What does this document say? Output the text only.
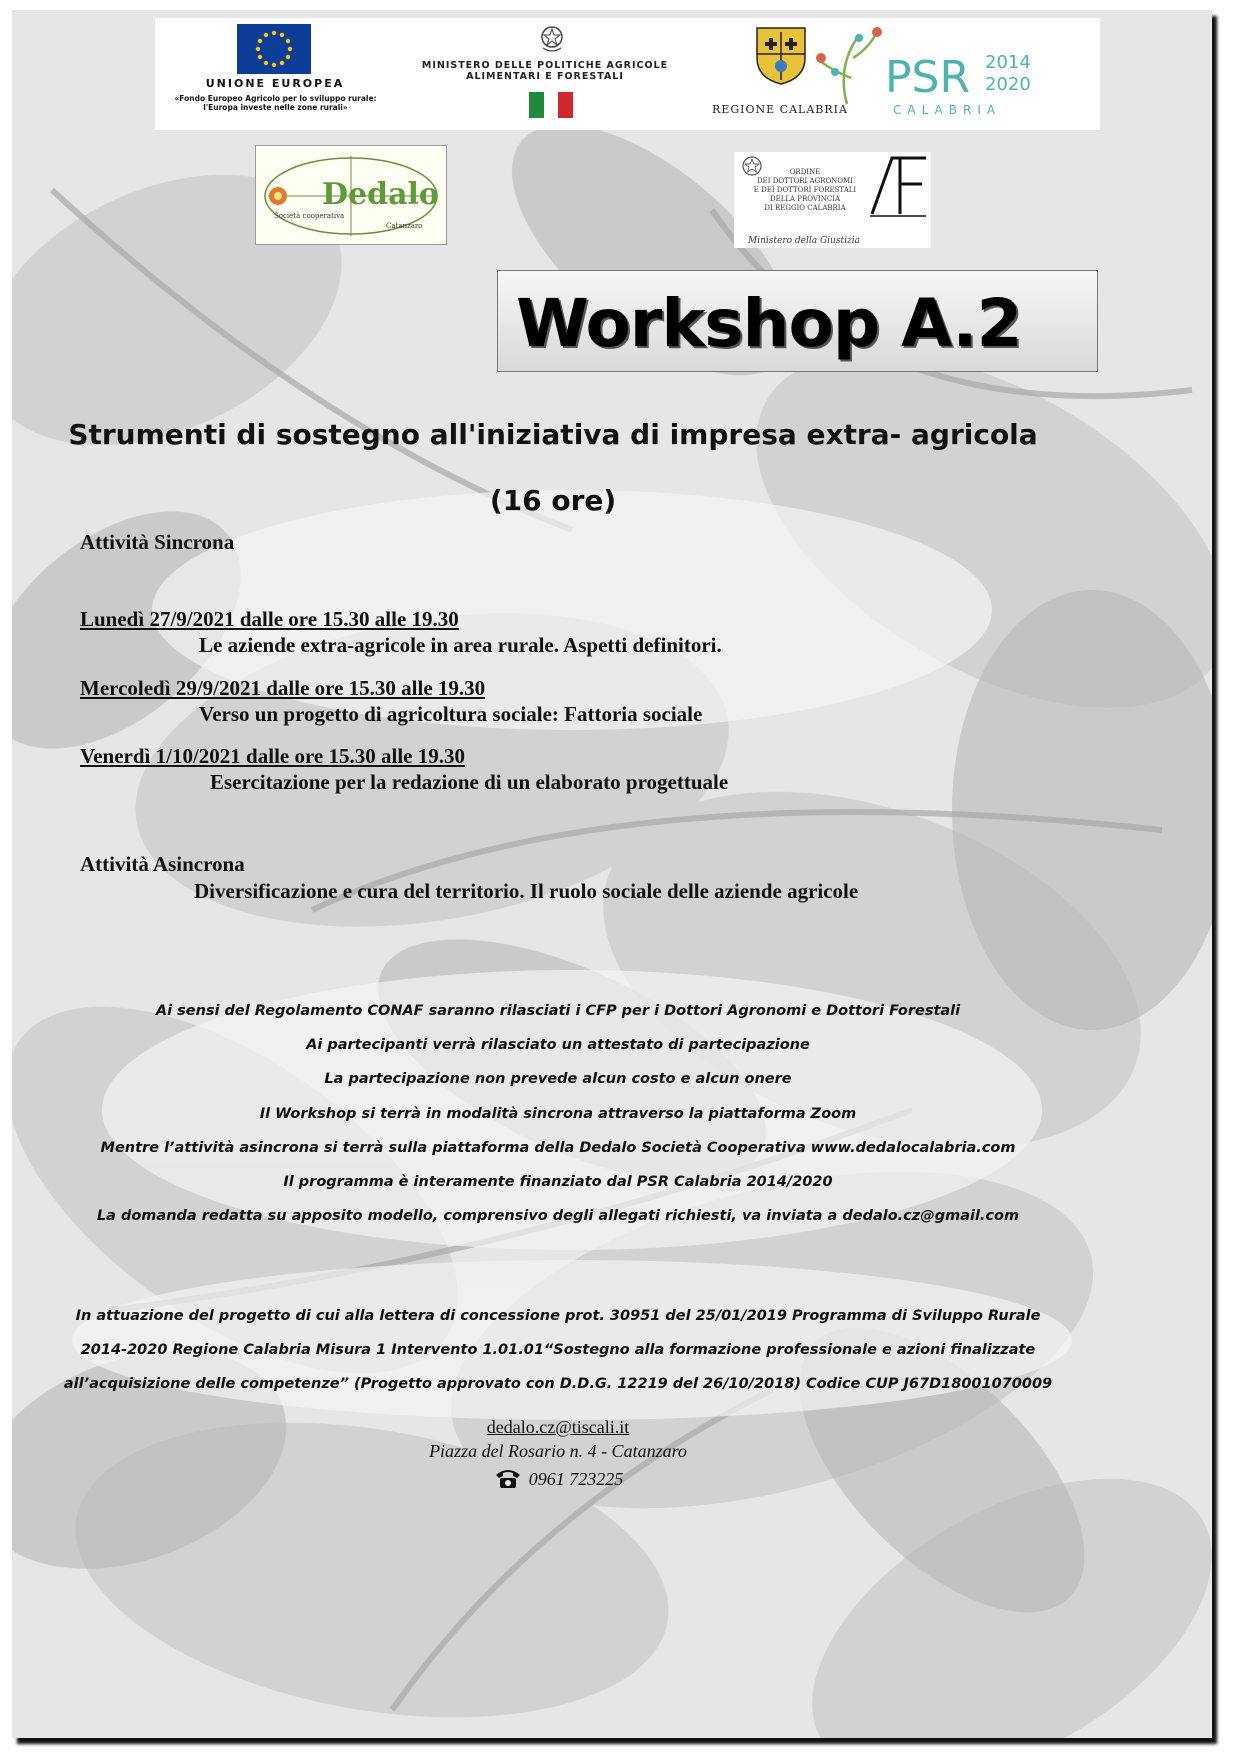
UNIONE EUROPEA
«Fondo Europeo Agricolo per lo sviluppo rurale:
l'Europa investe nelle zone rurali»
MINISTERO DELLE POLITICHE AGRICOLE
ALIMENTARI E FORESTALI
REGIONE CALABRIA
PSR 2014
2020
CALABRIA
Dedalo
Società cooperativa
Catanzaro
ORDINE
DEI DOTTORI AGRONOMI
E DEI DOTTORI FORESTALI
DELLA PROVINCIA
DI REGGIO CALABRIA
Ministero della Giustizia
Workshop A.2
Strumenti di sostegno all'iniziativa di impresa extra- agricola
(16 ore)
Attività Sincrona
Lunedì 27/9/2021 dalle ore 15.30 alle 19.30
Le aziende extra-agricole in area rurale. Aspetti definitori.
Mercoledì 29/9/2021 dalle ore 15.30 alle 19.30
Verso un progetto di agricoltura sociale: Fattoria sociale
Venerdì 1/10/2021 dalle ore 15.30 alle 19.30
Esercitazione per la redazione di un elaborato progettuale
Attività Asincrona
Diversificazione e cura del territorio. Il ruolo sociale delle aziende agricole
Ai sensi del Regolamento CONAF saranno rilasciati i CFP per i Dottori Agronomi e Dottori Forestali
Ai partecipanti verrà rilasciato un attestato di partecipazione
La partecipazione non prevede alcun costo e alcun onere
Il Workshop si terrà in modalità sincrona attraverso la piattaforma Zoom
Mentre l’attività asincrona si terrà sulla piattaforma della Dedalo Società Cooperativa www.dedalocalabria.com
Il programma è interamente finanziato dal PSR Calabria 2014/2020
La domanda redatta su apposito modello, comprensivo degli allegati richiesti, va inviata a dedalo.cz@gmail.com
In attuazione del progetto di cui alla lettera di concessione prot. 30951 del 25/01/2019 Programma di Sviluppo Rurale
2014-2020 Regione Calabria Misura 1 Intervento 1.01.01“Sostegno alla formazione professionale e azioni finalizzate
all’acquisizione delle competenze” (Progetto approvato con D.D.G. 12219 del 26/10/2018) Codice CUP J67D18001070009
dedalo.cz@tiscali.it
Piazza del Rosario n. 4 - Catanzaro
0961 723225
